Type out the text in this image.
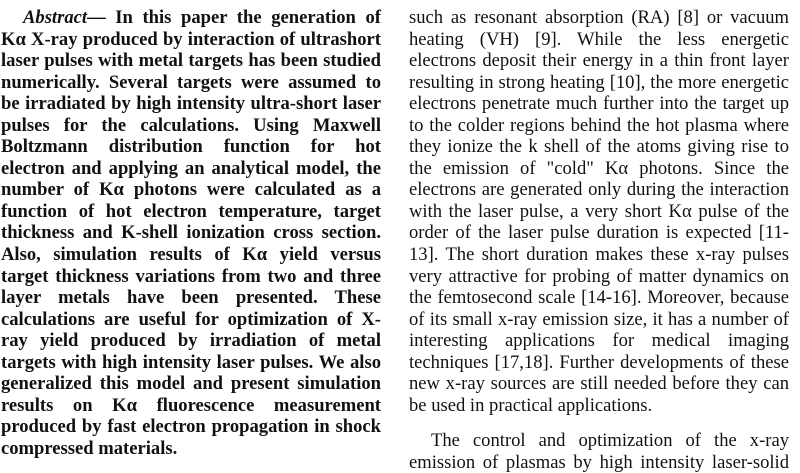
Abstract— In this paper the generation of
Kα X-ray produced by interaction of ultrashort
laser pulses with metal targets has been studied
numerically. Several targets were assumed to
be irradiated by high intensity ultra-short laser
pulses for the calculations. Using Maxwell
Boltzmann distribution function for hot
electron and applying an analytical model, the
number of Kα photons were calculated as a
function of hot electron temperature, target
thickness and K-shell ionization cross section.
Also, simulation results of Kα yield versus
target thickness variations from two and three
layer metals have been presented. These
calculations are useful for optimization of X-
ray yield produced by irradiation of metal
targets with high intensity laser pulses. We also
generalized this model and present simulation
results on Kα fluorescence measurement
produced by fast electron propagation in shock
compressed materials.
such as resonant absorption (RA) [8] or vacuum
heating (VH) [9]. While the less energetic
electrons deposit their energy in a thin front layer
resulting in strong heating [10], the more energetic
electrons penetrate much further into the target up
to the colder regions behind the hot plasma where
they ionize the k shell of the atoms giving rise to
the emission of "cold" Kα photons. Since the
electrons are generated only during the interaction
with the laser pulse, a very short Kα pulse of the
order of the laser pulse duration is expected [11-
13]. The short duration makes these x-ray pulses
very attractive for probing of matter dynamics on
the femtosecond scale [14-16]. Moreover, because
of its small x-ray emission size, it has a number of
interesting applications for medical imaging
techniques [17,18]. Further developments of these
new x-ray sources are still needed before they can
be used in practical applications.
The control and optimization of the x-ray
emission of plasmas by high intensity laser-solid
